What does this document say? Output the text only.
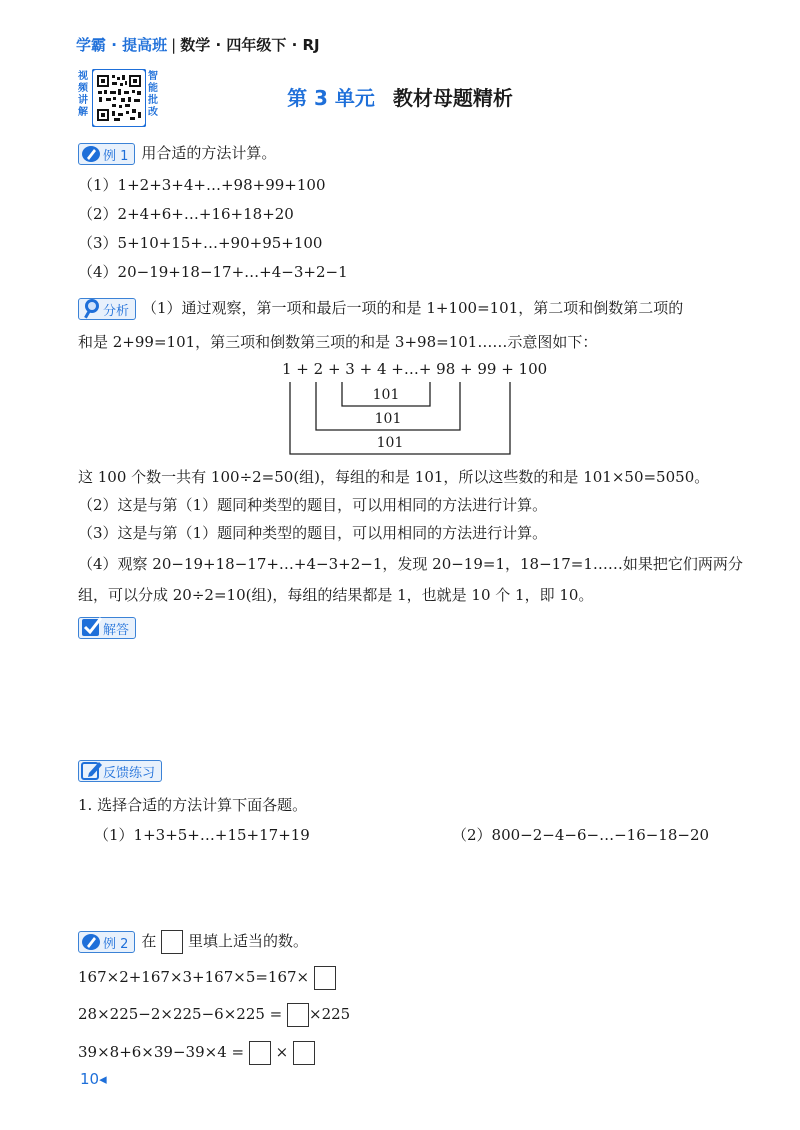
学霸 · 提高班 | 数学 · 四年级下 · RJ
视频讲解
智能批改
第 3 单元 教材母题精析
例 1 用合适的方法计算。
（1）1+2+3+4+…+98+99+100
（2）2+4+6+…+16+18+20
（3）5+10+15+…+90+95+100
（4）20−19+18−17+…+4−3+2−1
分析 （1）通过观察，第一项和最后一项的和是 1+100=101，第二项和倒数第二项的
和是 2+99=101，第三项和倒数第三项的和是 3+98=101……示意图如下：
1 + 2 + 3 + 4 +…+ 98 + 99 + 100
101
101
101
这 100 个数一共有 100÷2=50(组)，每组的和是 101，所以这些数的和是 101×50=5050。
（2）这是与第（1）题同种类型的题目，可以用相同的方法进行计算。
（3）这是与第（1）题同种类型的题目，可以用相同的方法进行计算。
（4）观察 20−19+18−17+…+4−3+2−1，发现 20−19=1，18−17=1……如果把它们两两分
组，可以分成 20÷2=10(组)，每组的结果都是 1，也就是 10 个 1，即 10。
解答
反馈练习
1. 选择合适的方法计算下面各题。
（1）1+3+5+…+15+17+19	（2）800−2−4−6−…−16−18−20
例 2 在 里填上适当的数。
167×2+167×3+167×5=167×
28×225−2×225−6×225 = ×225
39×8+6×39−39×4 = ×
10◂
